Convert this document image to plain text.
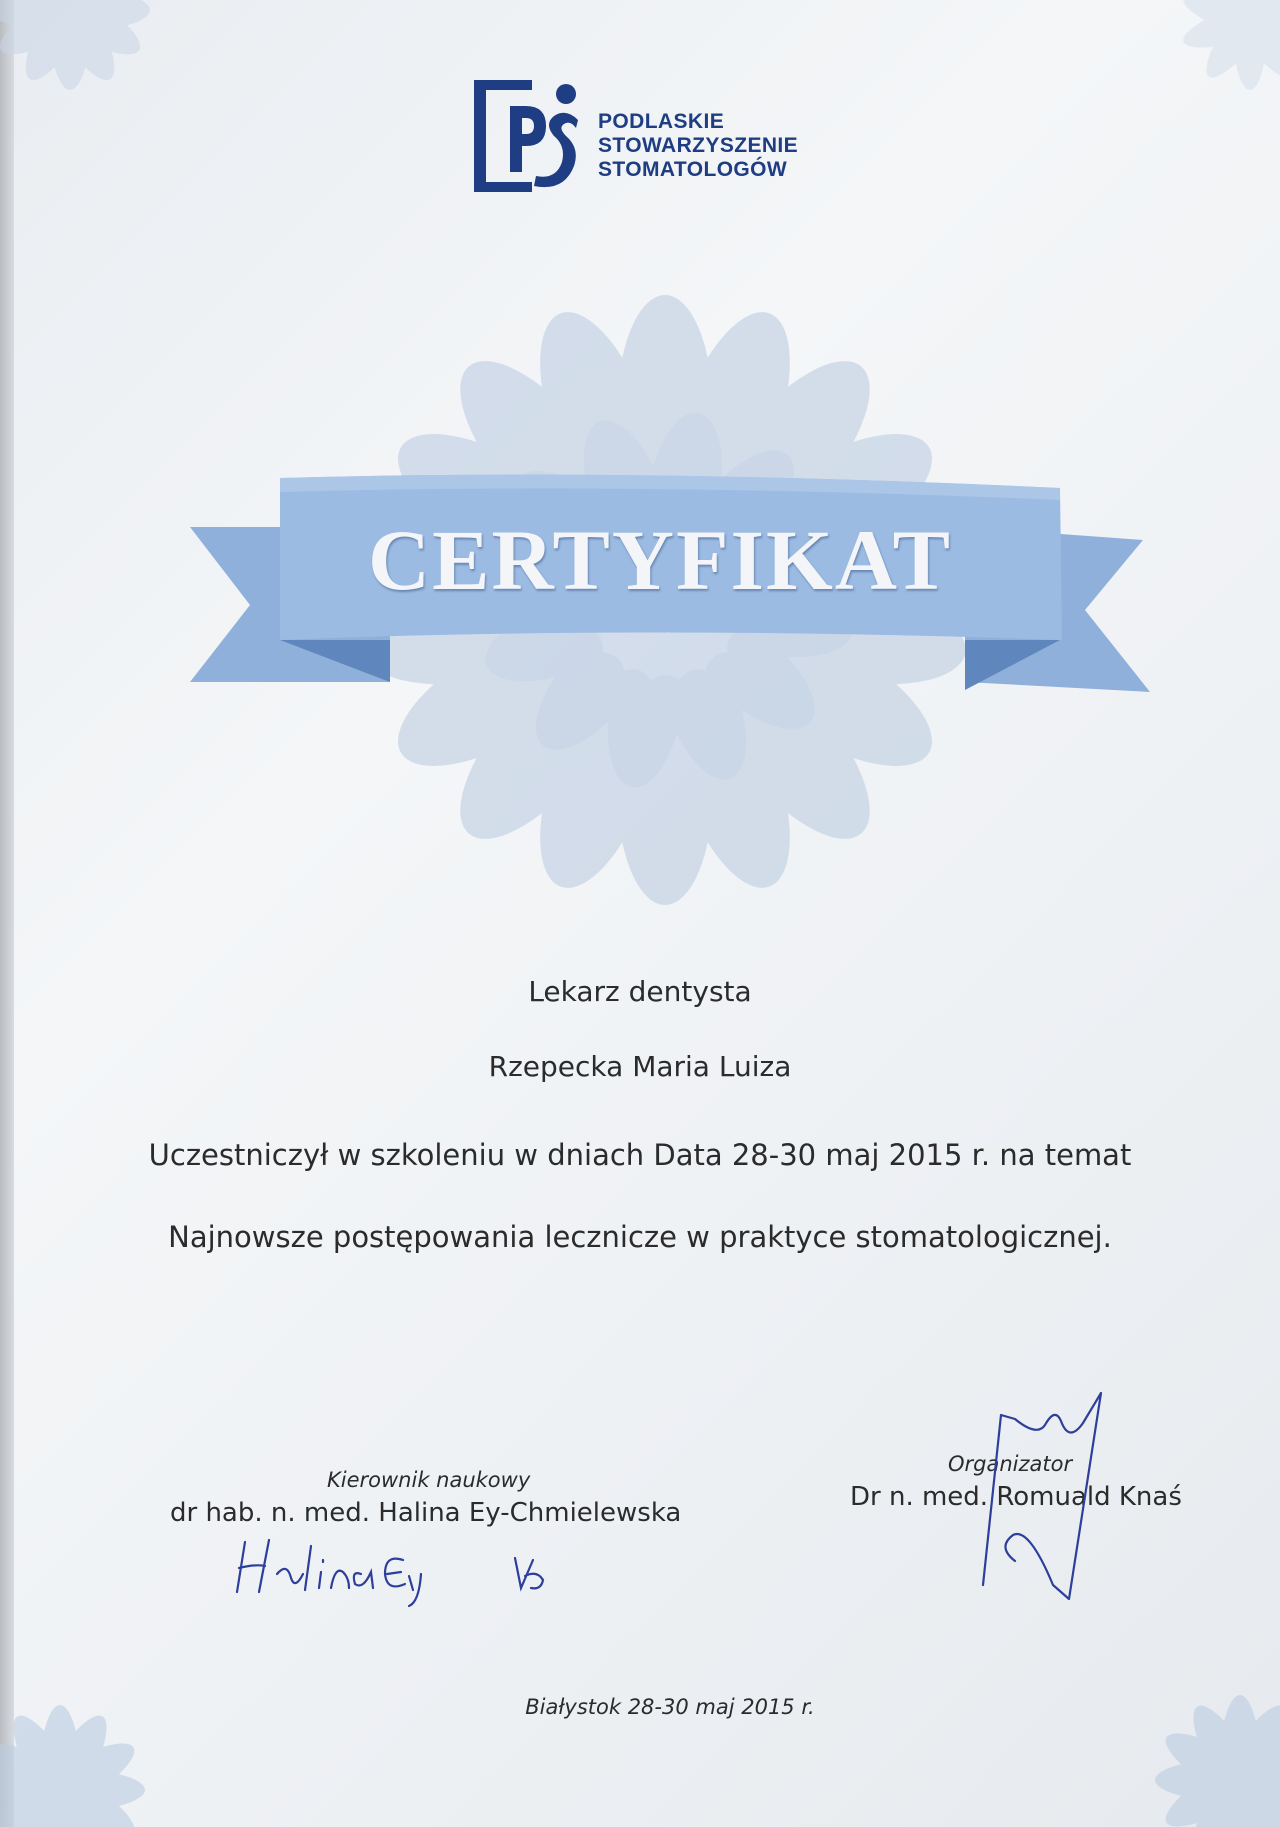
PODLASKIE
STOWARZYSZENIE
STOMATOLOGÓW
CERTYFIKAT
Lekarz dentysta
Rzepecka Maria Luiza
Uczestniczył w szkoleniu w dniach Data 28-30 maj 2015 r. na temat
Najnowsze postępowania lecznicze w praktyce stomatologicznej.
Kierownik naukowy
dr hab. n. med. Halina Ey-Chmielewska
Organizator
Dr n. med. Romuald Knaś
Białystok 28-30 maj 2015 r.
